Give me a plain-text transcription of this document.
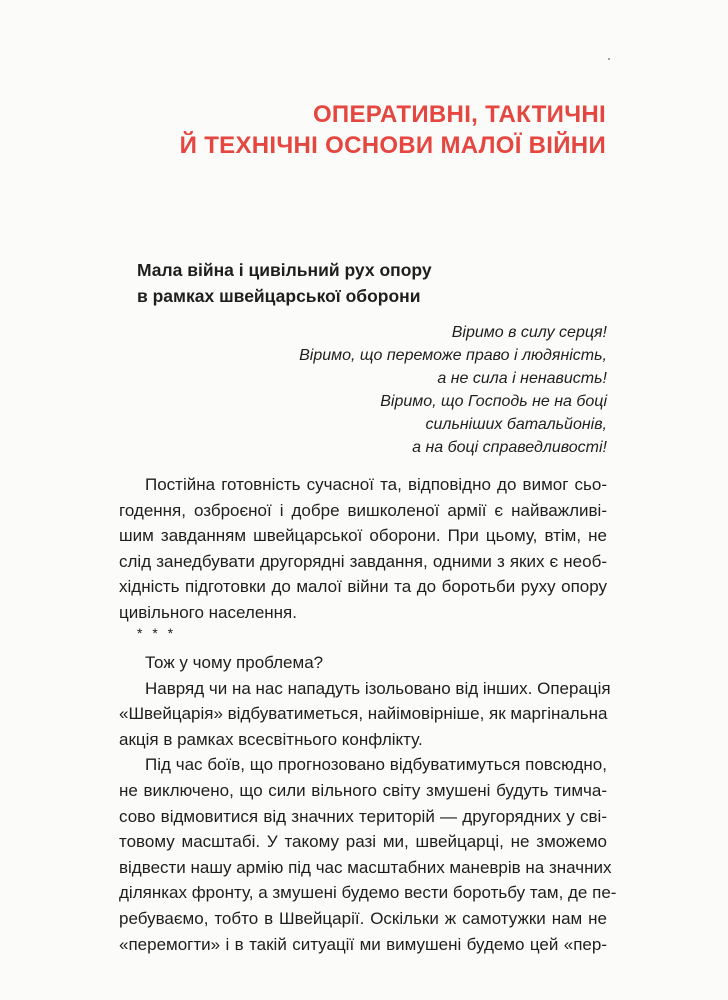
ОПЕРАТИВНІ, ТАКТИЧНІ
Й ТЕХНІЧНІ ОСНОВИ МАЛОЇ ВІЙНИ
Мала війна і цивільний рух опору
в рамках швейцарської оборони
Віримо в силу серця!
Віримо, що переможе право і людяність,
а не сила і ненависть!
Віримо, що Господь не на боці
сильніших батальйонів,
а на боці справедливості!
Постійна готовність сучасної та, відповідно до вимог сьо-
годення, озброєної і добре вишколеної армії є найважливі-
шим завданням швейцарської оборони. При цьому, втім, не
слід занедбувати другорядні завдання, одними з яких є необ-
хідність підготовки до малої війни та до боротьби руху опору
цивільного населення.
* * *
Тож у чому проблема?
Навряд чи на нас нападуть ізольовано від інших. Операція
«Швейцарія» відбуватиметься, найімовірніше, як маргінальна
акція в рамках всесвітнього конфлікту.
Під час боїв, що прогнозовано відбуватимуться повсюдно,
не виключено, що сили вільного світу змушені будуть тимча-
сово відмовитися від значних територій — другорядних у сві-
товому масштабі. У такому разі ми, швейцарці, не зможемо
відвести нашу армію під час масштабних маневрів на значних
ділянках фронту, а змушені будемо вести боротьбу там, де пе-
ребуваємо, тобто в Швейцарії. Оскільки ж самотужки нам не
«перемогти» і в такій ситуації ми вимушені будемо цей «пер-
